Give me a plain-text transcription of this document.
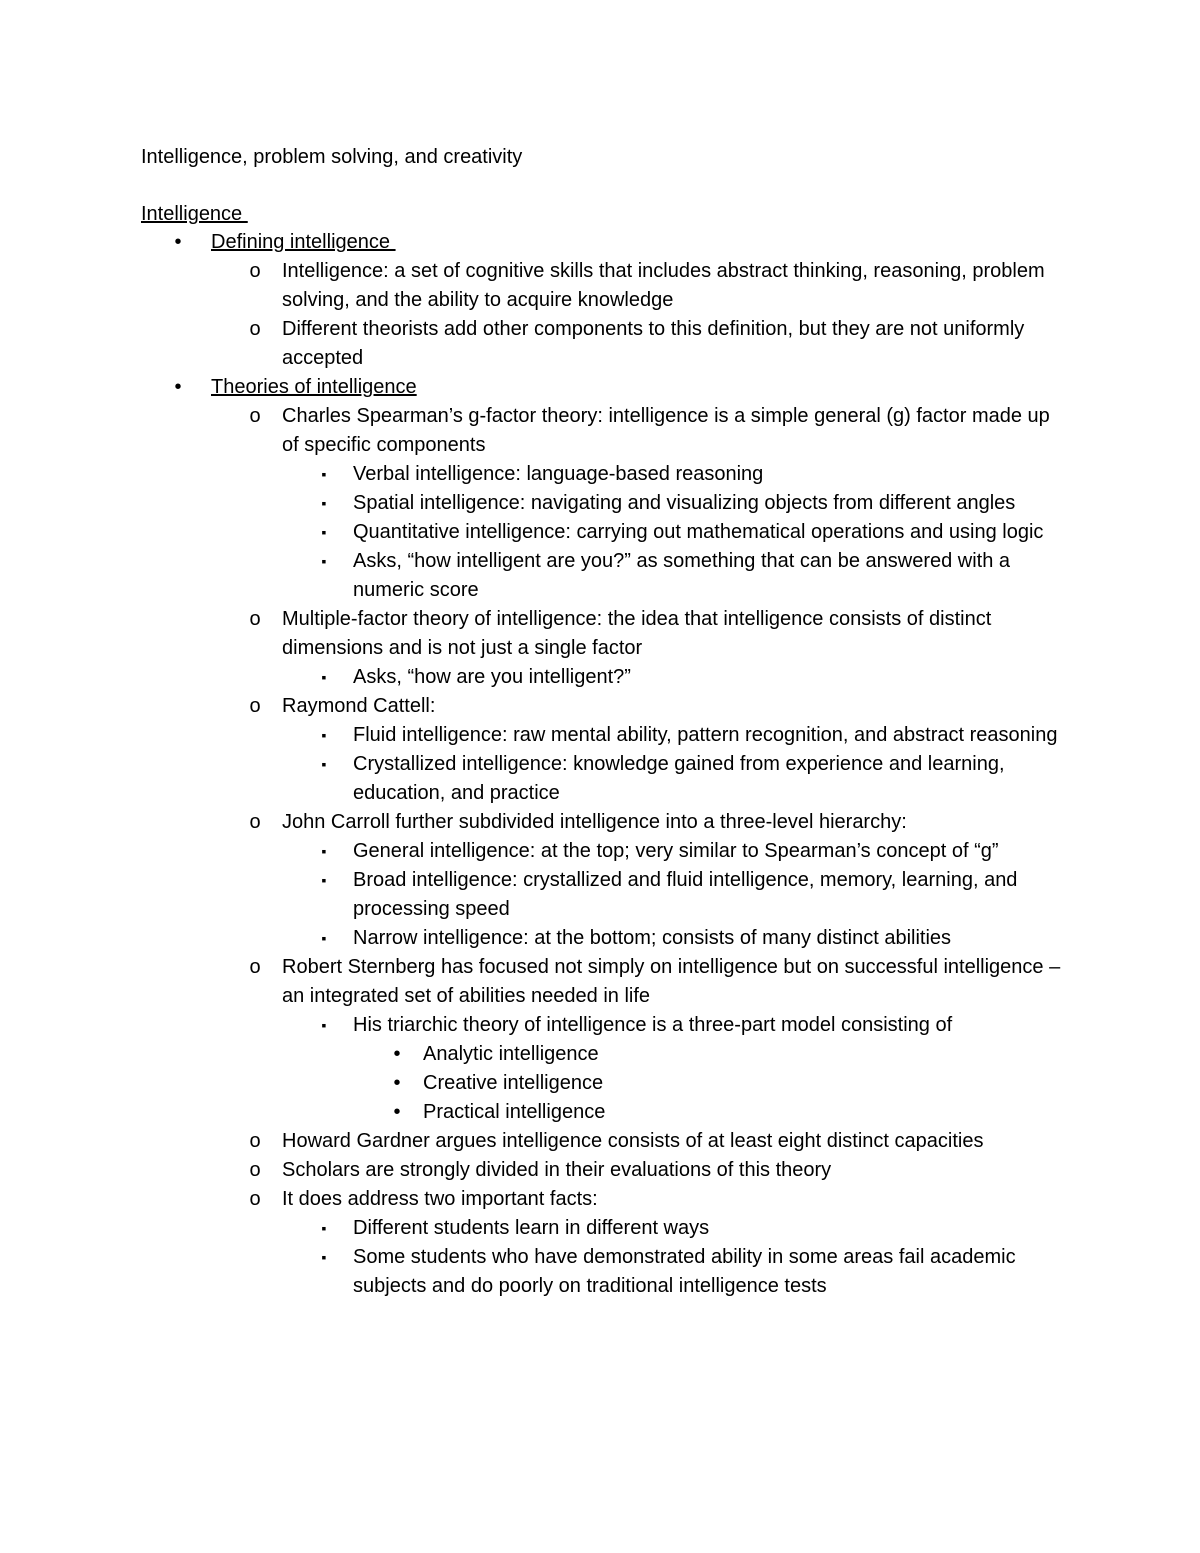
Intelligence, problem solving, and creativity
Intelligence
•	Defining intelligence
o Intelligence: a set of cognitive skills that includes abstract thinking, reasoning, problem solving, and the ability to acquire knowledge
o Different theorists add other components to this definition, but they are not uniformly accepted
•	Theories of intelligence
o Charles Spearman’s g-factor theory: intelligence is a simple general (g) factor made up of specific components
▪	Verbal intelligence: language-based reasoning
▪	Spatial intelligence: navigating and visualizing objects from different angles
▪	Quantitative intelligence: carrying out mathematical operations and using logic
▪	Asks, “how intelligent are you?” as something that can be answered with a numeric score
o Multiple-factor theory of intelligence: the idea that intelligence consists of distinct dimensions and is not just a single factor
▪	Asks, “how are you intelligent?”
o Raymond Cattell:
▪	Fluid intelligence: raw mental ability, pattern recognition, and abstract reasoning
▪	Crystallized intelligence: knowledge gained from experience and learning, education, and practice
o John Carroll further subdivided intelligence into a three-level hierarchy:
▪	General intelligence: at the top; very similar to Spearman’s concept of “g”
▪	Broad intelligence: crystallized and fluid intelligence, memory, learning, and processing speed
▪	Narrow intelligence: at the bottom; consists of many distinct abilities
o Robert Sternberg has focused not simply on intelligence but on successful intelligence – an integrated set of abilities needed in life
▪	His triarchic theory of intelligence is a three-part model consisting of
•	Analytic intelligence
•	Creative intelligence
•	Practical intelligence
o Howard Gardner argues intelligence consists of at least eight distinct capacities
o Scholars are strongly divided in their evaluations of this theory
o It does address two important facts:
▪	Different students learn in different ways
▪	Some students who have demonstrated ability in some areas fail academic subjects and do poorly on traditional intelligence tests
